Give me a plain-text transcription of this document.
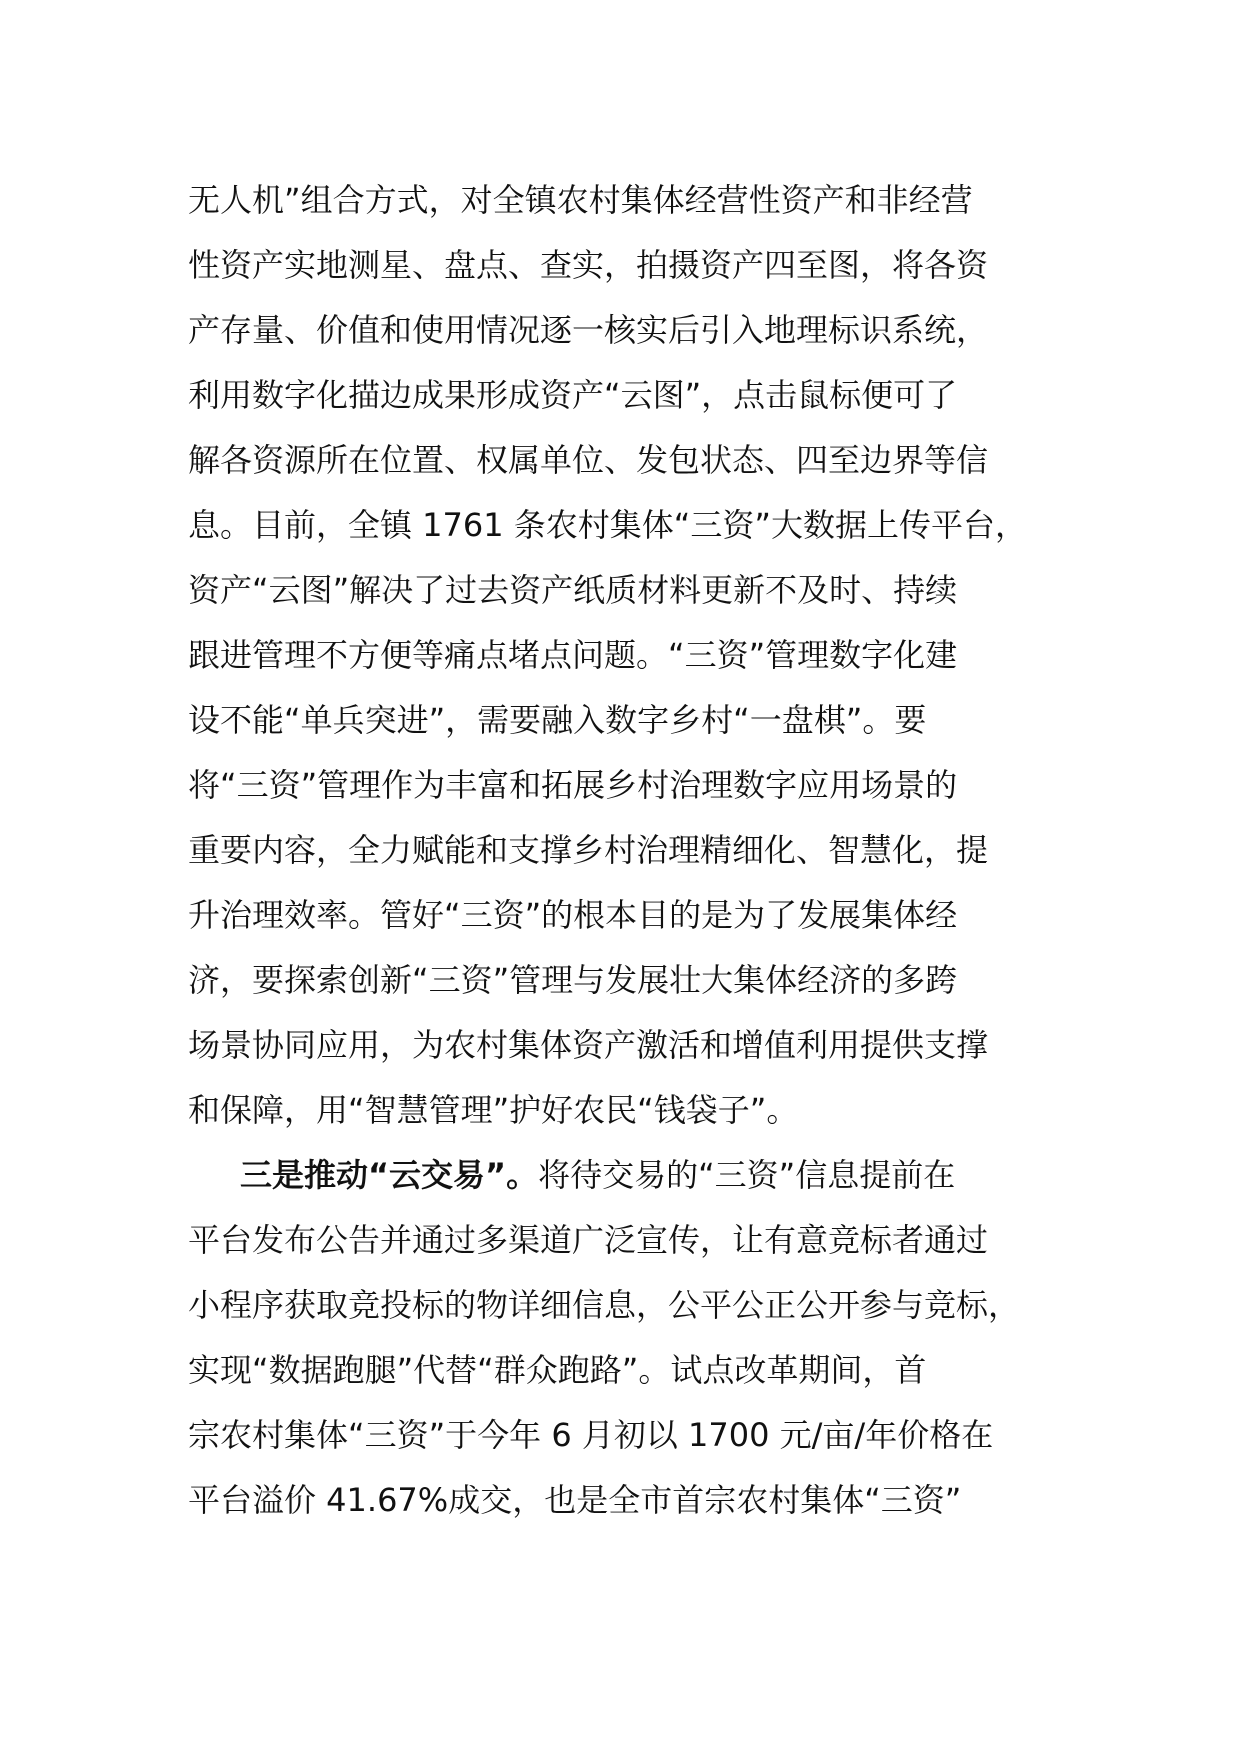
无人机”组合方式，对全镇农村集体经营性资产和非经营
性资产实地测星、盘点、查实，拍摄资产四至图，将各资
产存量、价值和使用情况逐一核实后引入地理标识系统，
利用数字化描边成果形成资产“云图”，点击鼠标便可了
解各资源所在位置、权属单位、发包状态、四至边界等信
息。目前，全镇 1761 条农村集体“三资”大数据上传平台，
资产“云图”解决了过去资产纸质材料更新不及时、持续
跟进管理不方便等痛点堵点问题。“三资”管理数字化建
设不能“单兵突进”，需要融入数字乡村“一盘棋”。要
将“三资”管理作为丰富和拓展乡村治理数字应用场景的
重要内容，全力赋能和支撑乡村治理精细化、智慧化，提
升治理效率。管好“三资”的根本目的是为了发展集体经
济，要探索创新“三资”管理与发展壮大集体经济的多跨
场景协同应用，为农村集体资产激活和增值利用提供支撑
和保障，用“智慧管理”护好农民“钱袋子”。
三是推动“云交易”。将待交易的“三资”信息提前在
平台发布公告并通过多渠道广泛宣传，让有意竞标者通过
小程序获取竞投标的物详细信息，公平公正公开参与竞标，
实现“数据跑腿”代替“群众跑路”。试点改革期间，首
宗农村集体“三资”于今年 6 月初以 1700 元/亩/年价格在
平台溢价 41.67%成交，也是全市首宗农村集体“三资”
